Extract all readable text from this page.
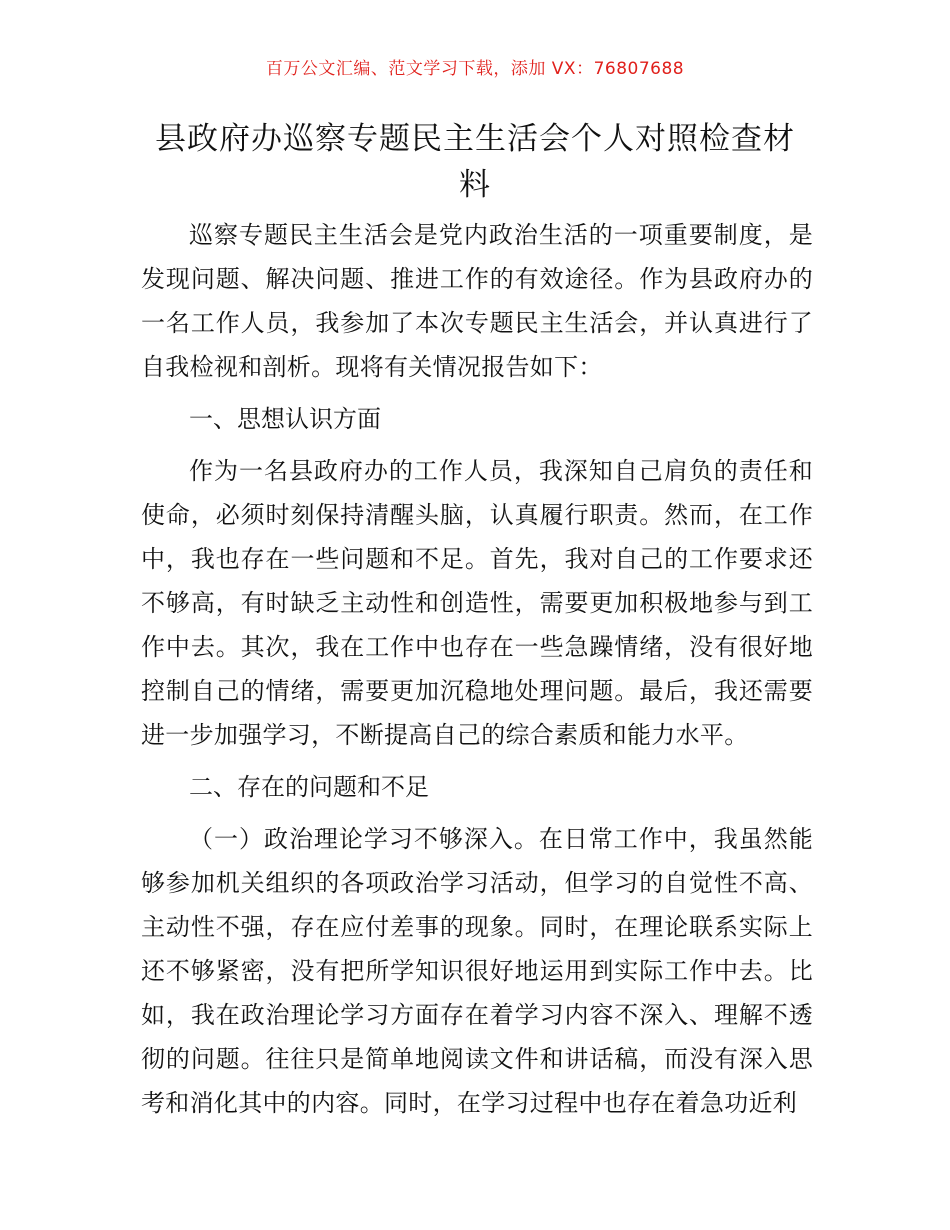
百万公文汇编、范文学习下载，添加 VX：76807688
县政府办巡察专题民主生活会个人对照检查材料

巡察专题民主生活会是党内政治生活的一项重要制度，是发现问题、解决问题、推进工作的有效途径。作为县政府办的一名工作人员，我参加了本次专题民主生活会，并认真进行了自我检视和剖析。现将有关情况报告如下：

一、思想认识方面

作为一名县政府办的工作人员，我深知自己肩负的责任和使命，必须时刻保持清醒头脑，认真履行职责。然而，在工作中，我也存在一些问题和不足。首先，我对自己的工作要求还不够高，有时缺乏主动性和创造性，需要更加积极地参与到工作中去。其次，我在工作中也存在一些急躁情绪，没有很好地控制自己的情绪，需要更加沉稳地处理问题。最后，我还需要进一步加强学习，不断提高自己的综合素质和能力水平。

二、存在的问题和不足

（一）政治理论学习不够深入。在日常工作中，我虽然能够参加机关组织的各项政治学习活动，但学习的自觉性不高、主动性不强，存在应付差事的现象。同时，在理论联系实际上还不够紧密，没有把所学知识很好地运用到实际工作中去。比如，我在政治理论学习方面存在着学习内容不深入、理解不透彻的问题。往往只是简单地阅读文件和讲话稿，而没有深入思考和消化其中的内容。同时，在学习过程中也存在着急功近利
